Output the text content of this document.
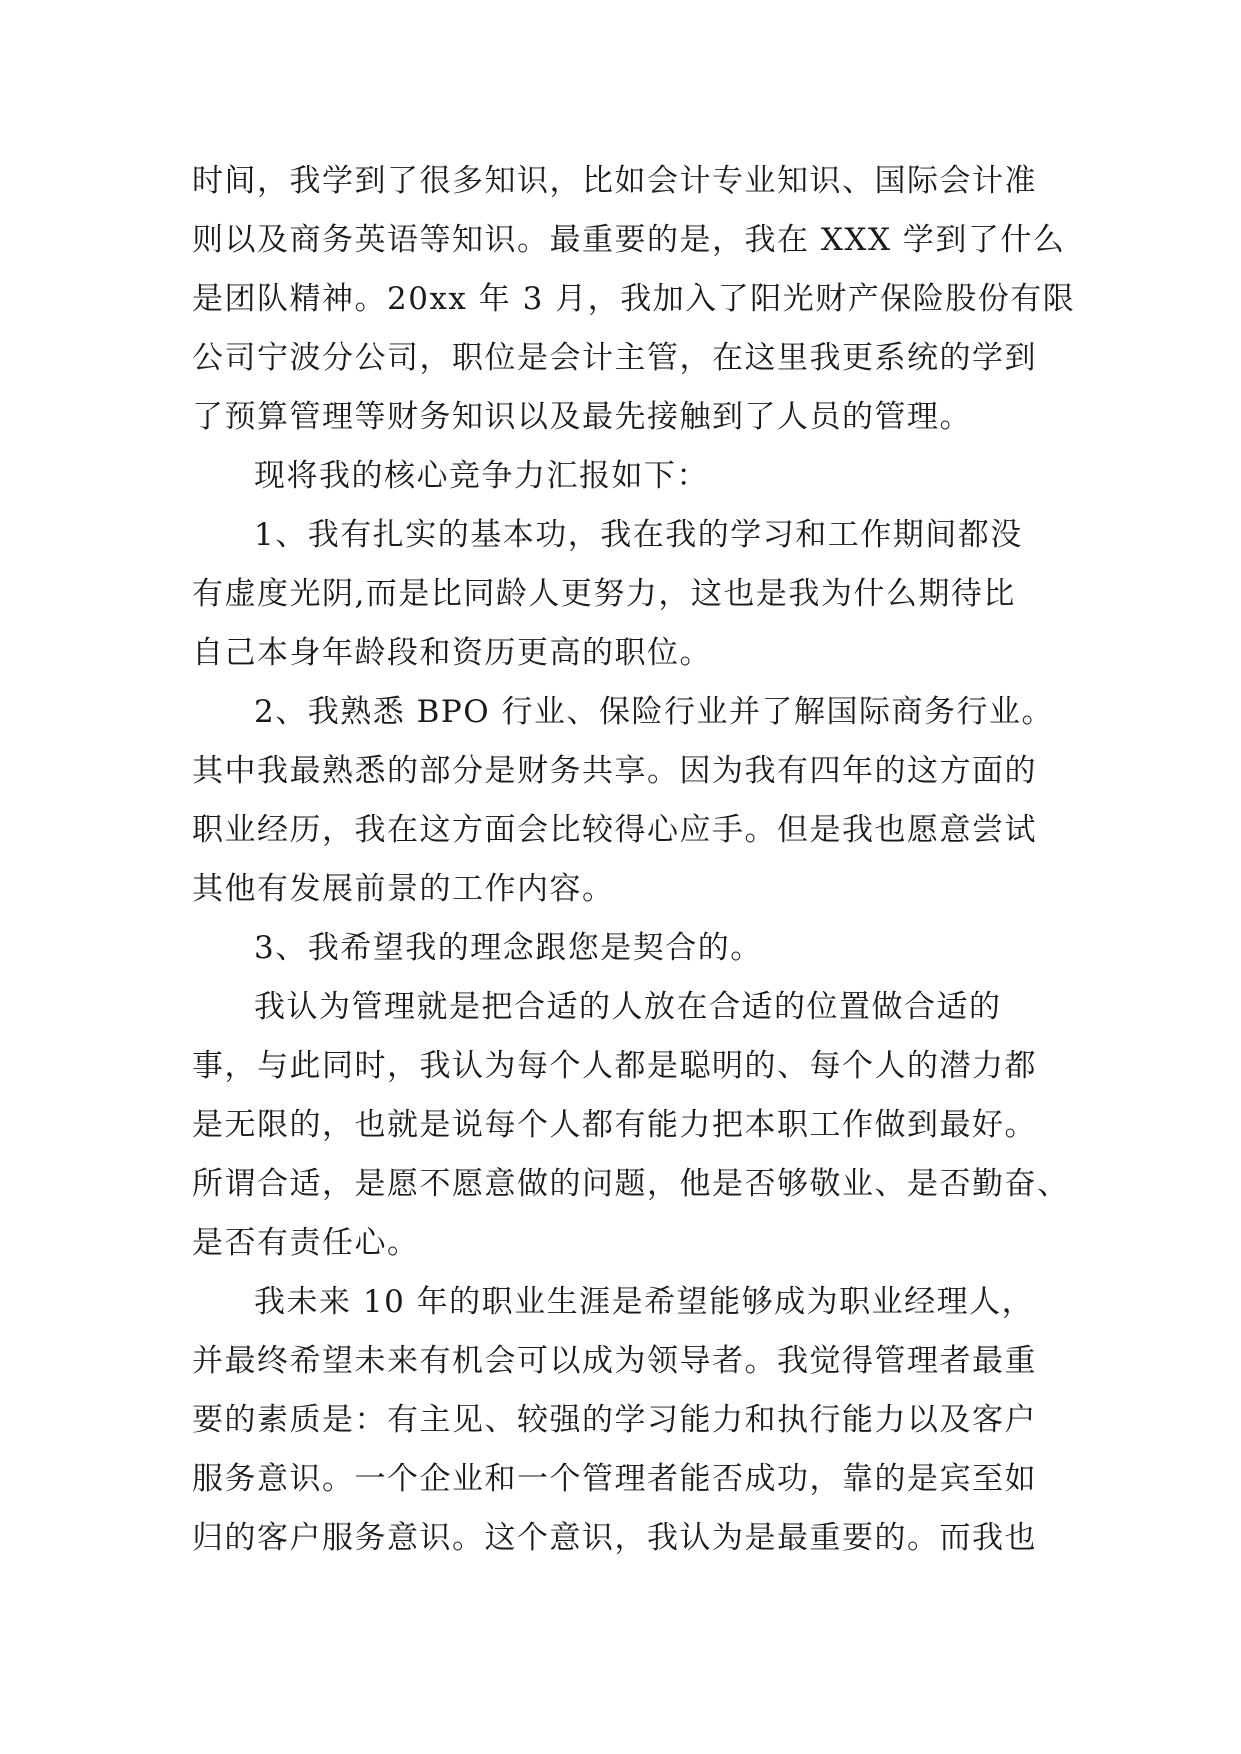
时间，我学到了很多知识，比如会计专业知识、国际会计准
则以及商务英语等知识。最重要的是，我在 XXX 学到了什么
是团队精神。20xx 年 3 月，我加入了阳光财产保险股份有限
公司宁波分公司，职位是会计主管，在这里我更系统的学到
了预算管理等财务知识以及最先接触到了人员的管理。
现将我的核心竞争力汇报如下：
1、我有扎实的基本功，我在我的学习和工作期间都没
有虚度光阴,而是比同龄人更努力，这也是我为什么期待比
自己本身年龄段和资历更高的职位。
2、我熟悉 BPO 行业、保险行业并了解国际商务行业。
其中我最熟悉的部分是财务共享。因为我有四年的这方面的
职业经历，我在这方面会比较得心应手。但是我也愿意尝试
其他有发展前景的工作内容。
3、我希望我的理念跟您是契合的。
我认为管理就是把合适的人放在合适的位置做合适的
事，与此同时，我认为每个人都是聪明的、每个人的潜力都
是无限的，也就是说每个人都有能力把本职工作做到最好。
所谓合适，是愿不愿意做的问题，他是否够敬业、是否勤奋、
是否有责任心。
我未来 10 年的职业生涯是希望能够成为职业经理人，
并最终希望未来有机会可以成为领导者。我觉得管理者最重
要的素质是：有主见、较强的学习能力和执行能力以及客户
服务意识。一个企业和一个管理者能否成功，靠的是宾至如
归的客户服务意识。这个意识，我认为是最重要的。而我也
